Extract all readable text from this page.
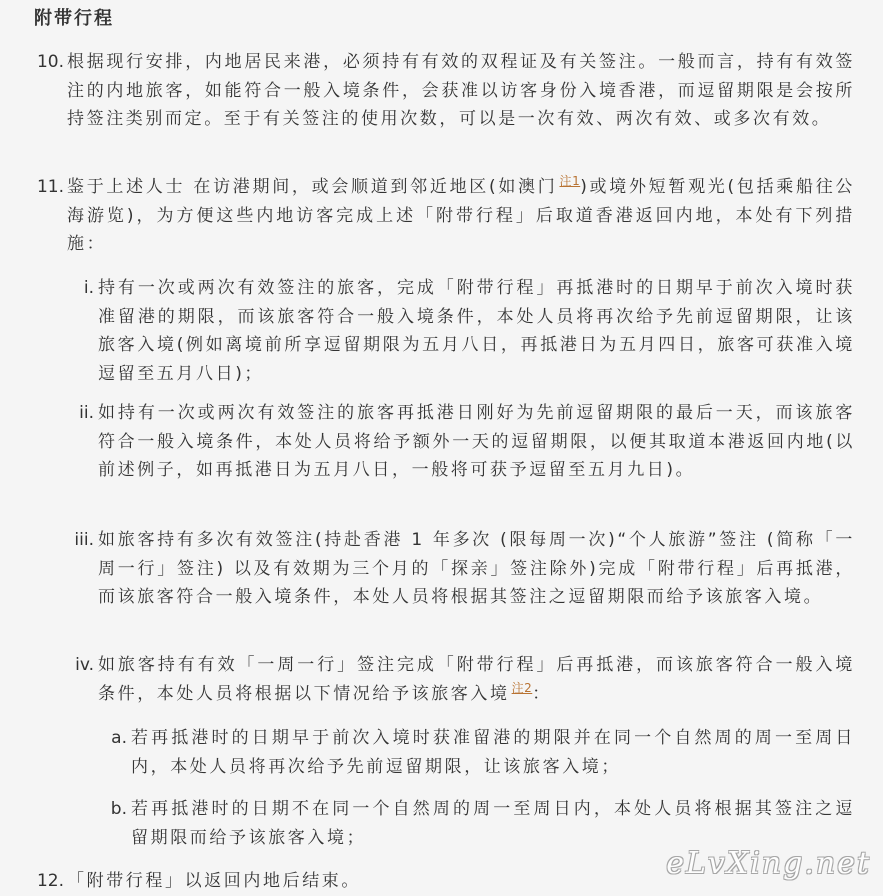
附带行程
10. 根据现行安排，内地居民来港，必须持有有效的双程证及有关签注。一般而言，持有有效签注的内地旅客，如能符合一般入境条件，会获准以访客身份入境香港，而逗留期限是会按所持签注类别而定。至于有关签注的使用次数，可以是一次有效、两次有效、或多次有效。
11. 鉴于上述人士 在访港期间，或会顺道到邻近地区(如澳门 $^{注1}$)或境外短暂观光(包括乘船往公海游览)，为方便这些内地访客完成上述「附带行程」后取道香港返回内地，本处有下列措施：
i. 持有一次或两次有效签注的旅客，完成「附带行程」再抵港时的日期早于前次入境时获准留港的期限，而该旅客符合一般入境条件，本处人员将再次给予先前逗留期限，让该旅客入境(例如离境前所享逗留期限为五月八日，再抵港日为五月四日，旅客可获准入境逗留至五月八日)；
ii. 如持有一次或两次有效签注的旅客再抵港日刚好为先前逗留期限的最后一天，而该旅客符合一般入境条件，本处人员将给予额外一天的逗留期限，以便其取道本港返回内地(以前述例子，如再抵港日为五月八日，一般将可获予逗留至五月九日)。
iii. 如旅客持有多次有效签注(持赴香港 1 年多次 (限每周一次)“个人旅游”签注 (简称「一周一行」签注) 以及有效期为三个月的「探亲」签注除外)完成「附带行程」后再抵港，而该旅客符合一般入境条件，本处人员将根据其签注之逗留期限而给予该旅客入境。
iv. 如旅客持有有效「一周一行」签注完成「附带行程」后再抵港，而该旅客符合一般入境条件，本处人员将根据以下情况给予该旅客入境 $^{注2}$：
a. 若再抵港时的日期早于前次入境时获准留港的期限并在同一个自然周的周一至周日内，本处人员将再次给予先前逗留期限，让该旅客入境；
b. 若再抵港时的日期不在同一个自然周的周一至周日内，本处人员将根据其签注之逗留期限而给予该旅客入境；
12. 「附带行程」以返回内地后结束。	eLvXing.net
